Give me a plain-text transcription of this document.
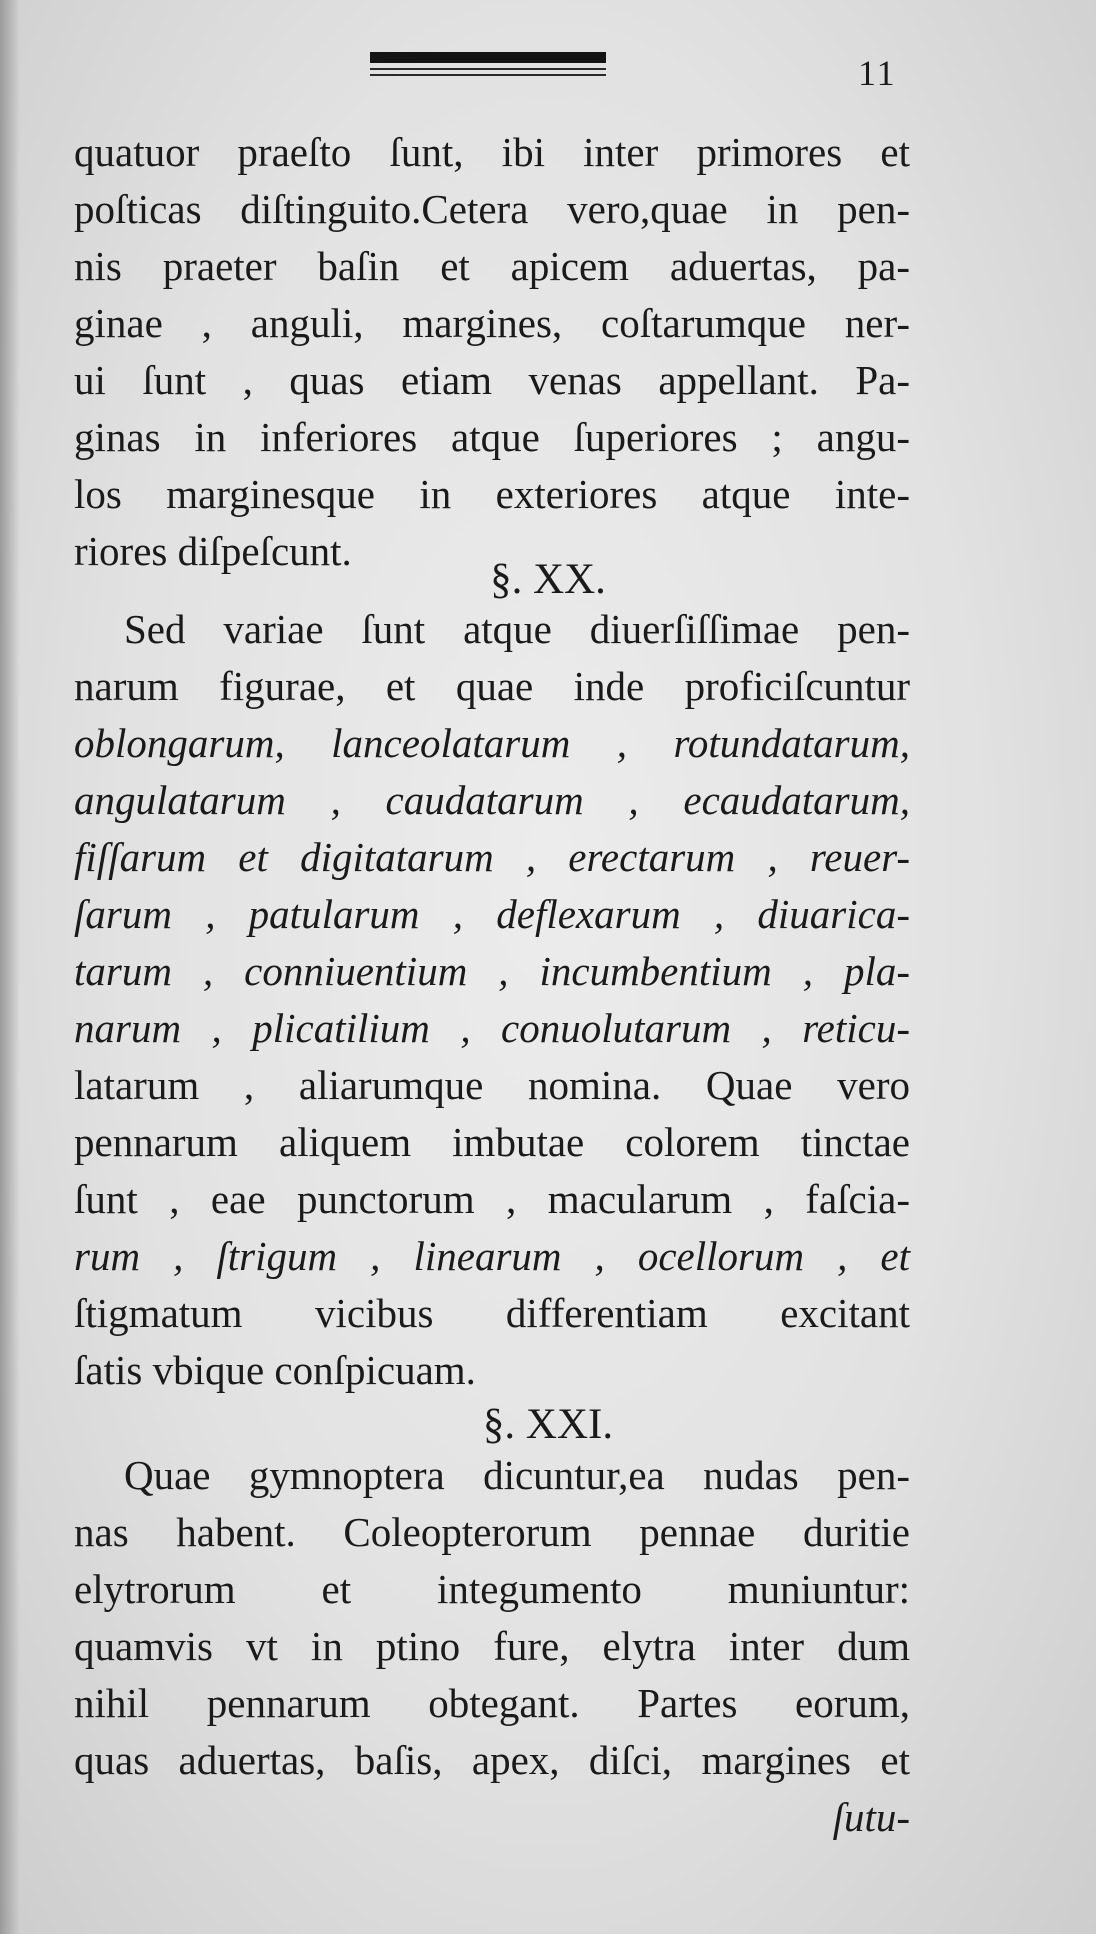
11
quatuor praeſto ſunt, ibi inter primores et
poſticas diſtinguito.Cetera vero,quae in pen-
nis praeter baſin et apicem aduertas, pa-
ginae , anguli, margines, coſtarumque ner-
ui ſunt , quas etiam venas appellant. Pa-
ginas in inferiores atque ſuperiores ; angu-
los marginesque in exteriores atque inte-
riores diſpeſcunt.
§. XX.
Sed variae ſunt atque diuerſiſſimae pen-
narum figurae, et quae inde proficiſcuntur
oblongarum, lanceolatarum , rotundatarum,
angulatarum , caudatarum , ecaudatarum,
fiſſarum et digitatarum , erectarum , reuer-
ſarum , patularum , deflexarum , diuarica-
tarum , conniuentium , incumbentium , pla-
narum , plicatilium , conuolutarum , reticu-
latarum , aliarumque nomina. Quae vero
pennarum aliquem imbutae colorem tinctae
ſunt , eae punctorum , macularum , faſcia-
rum , ſtrigum , linearum , ocellorum , et
ſtigmatum vicibus differentiam excitant
ſatis vbique conſpicuam.
§. XXI.
Quae gymnoptera dicuntur,ea nudas pen-
nas habent. Coleopterorum pennae duritie
elytrorum et integumento muniuntur:
quamvis vt in ptino fure, elytra inter dum
nihil pennarum obtegant. Partes eorum,
quas aduertas, baſis, apex, diſci, margines et
ſutu-
